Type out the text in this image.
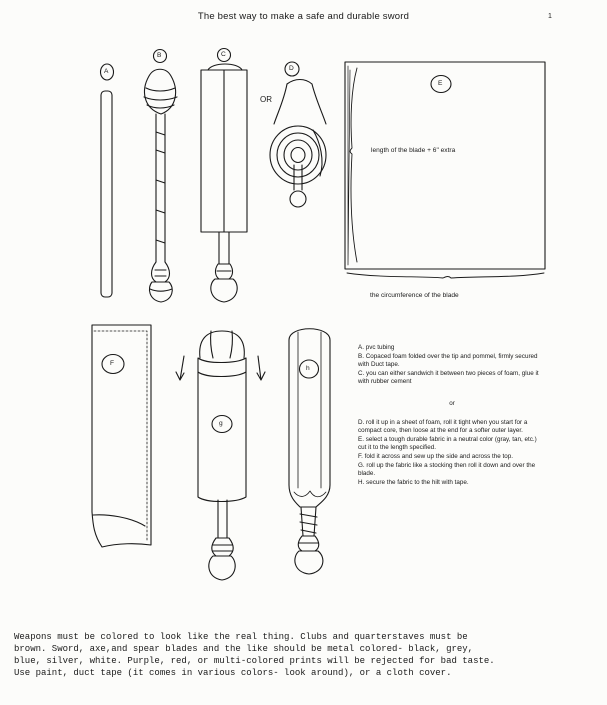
The best way to make a safe and durable sword	1
A
B	C
D
OR
E
F
g
h
length of the blade + 6" extra
the circumference of the blade

A. pvc tubing

B. Copaced foam folded over the tip and pommel, firmly secured with Duct tape.

C. you can either sandwich it between two pieces of foam, glue it with rubber cement

or

D. roll it up in a sheet of foam, roll it tight when you start for a compact core, then loose at the end for a softer outer layer.

E. select a tough durable fabric in a neutral color (gray, tan, etc.) cut it to the length specified.

F. fold it across and sew up the side and across the top.

G. roll up the fabric like a stocking then roll it down and over the blade.

H. secure the fabric to the hilt with tape.

Weapons must be colored to look like the real thing. Clubs and quarterstaves must be
brown. Sword, axe,and spear blades and the like should be metal colored- black, grey,
blue, silver, white. Purple, red, or multi-colored prints will be rejected for bad taste.
Use paint, duct tape (it comes in various colors- look around), or a cloth cover.
